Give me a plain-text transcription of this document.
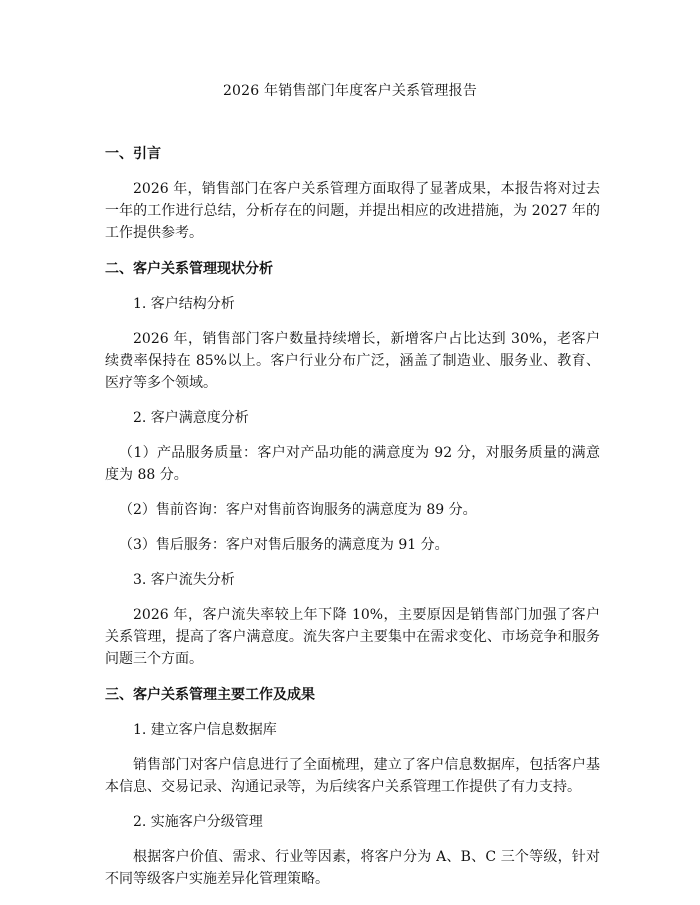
2026 年销售部门年度客户关系管理报告
一、引言
2026 年，销售部门在客户关系管理方面取得了显著成果，本报告将对过去一年的工作进行总结，分析存在的问题，并提出相应的改进措施，为 2027 年的工作提供参考。
二、客户关系管理现状分析
1. 客户结构分析
2026 年，销售部门客户数量持续增长，新增客户占比达到 30%，老客户续费率保持在 85%以上。客户行业分布广泛，涵盖了制造业、服务业、教育、医疗等多个领域。
2. 客户满意度分析
（1）产品服务质量：客户对产品功能的满意度为 92 分，对服务质量的满意度为 88 分。
（2）售前咨询：客户对售前咨询服务的满意度为 89 分。
（3）售后服务：客户对售后服务的满意度为 91 分。
3. 客户流失分析
2026 年，客户流失率较上年下降 10%，主要原因是销售部门加强了客户关系管理，提高了客户满意度。流失客户主要集中在需求变化、市场竞争和服务问题三个方面。
三、客户关系管理主要工作及成果
1. 建立客户信息数据库
销售部门对客户信息进行了全面梳理，建立了客户信息数据库，包括客户基本信息、交易记录、沟通记录等，为后续客户关系管理工作提供了有力支持。
2. 实施客户分级管理
根据客户价值、需求、行业等因素，将客户分为 A、B、C 三个等级，针对不同等级客户实施差异化管理策略。
